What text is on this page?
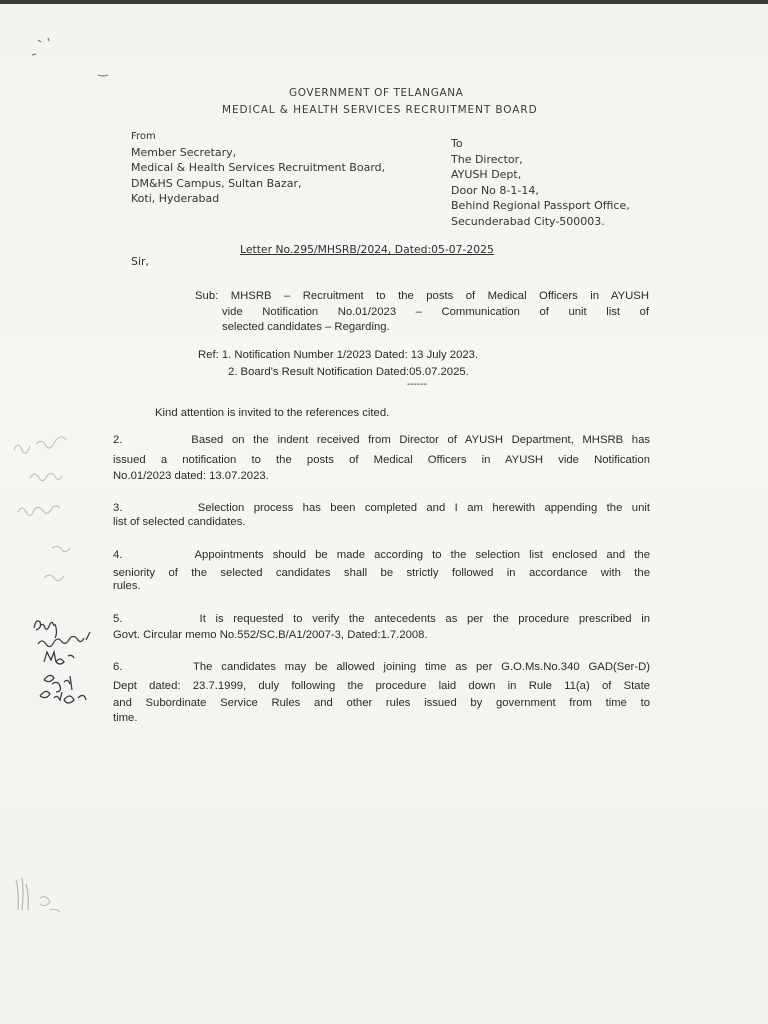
GOVERNMENT OF TELANGANA
MEDICAL & HEALTH SERVICES RECRUITMENT BOARD
From
Member Secretary,
Medical & Health Services Recruitment Board,
DM&HS Campus, Sultan Bazar,
Koti, Hyderabad
To
The Director,
AYUSH Dept,
Door No 8-1-14,
Behind Regional Passport Office,
Secunderabad City-500003.
Letter No.295/MHSRB/2024, Dated:05-07-2025
Sir,
Sub: MHSRB – Recruitment to the posts of Medical Officers in AYUSH
vide Notification No.01/2023 – Communication of unit list of
selected candidates – Regarding.
Ref: 1. Notification Number 1/2023 Dated: 13 July 2023.
2. Board's Result Notification Dated:05.07.2025.
------
Kind attention is invited to the references cited.
2.        Based on the indent received from Director of AYUSH Department, MHSRB has
issued a notification to the posts of Medical Officers in AYUSH vide Notification
No.01/2023 dated: 13.07.2023.
3.        Selection process has been completed and I am herewith appending the unit
list of selected candidates.
4.        Appointments should be made according to the selection list enclosed and the
seniority of the selected candidates shall be strictly followed in accordance with the
rules.
5.        It is requested to verify the antecedents as per the procedure prescribed in
Govt. Circular memo No.552/SC.B/A1/2007-3, Dated:1.7.2008.
6.        The candidates may be allowed joining time as per G.O.Ms.No.340 GAD(Ser-D)
Dept dated: 23.7.1999, duly following the procedure laid down in Rule 11(a) of State
and Subordinate Service Rules and other rules issued by government from time to
time.
